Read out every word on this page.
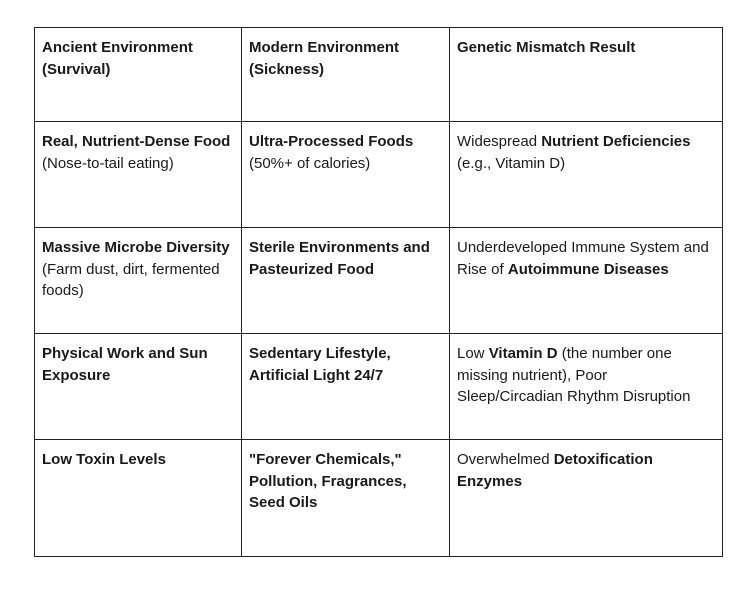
Ancient Environment (Survival)	Modern Environment (Sickness)	Genetic Mismatch Result
Real, Nutrient-Dense Food (Nose-to-tail eating)	Ultra-Processed Foods (50%+ of calories)	Widespread Nutrient Deficiencies (e.g., Vitamin D)
Massive Microbe Diversity (Farm dust, dirt, fermented foods)	Sterile Environments and Pasteurized Food	Underdeveloped Immune System and Rise of Autoimmune Diseases
Physical Work and Sun Exposure	Sedentary Lifestyle, Artificial Light 24/7	Low Vitamin D (the number one missing nutrient), Poor Sleep/Circadian Rhythm Disruption
Low Toxin Levels	"Forever Chemicals," Pollution, Fragrances, Seed Oils	Overwhelmed Detoxification Enzymes
